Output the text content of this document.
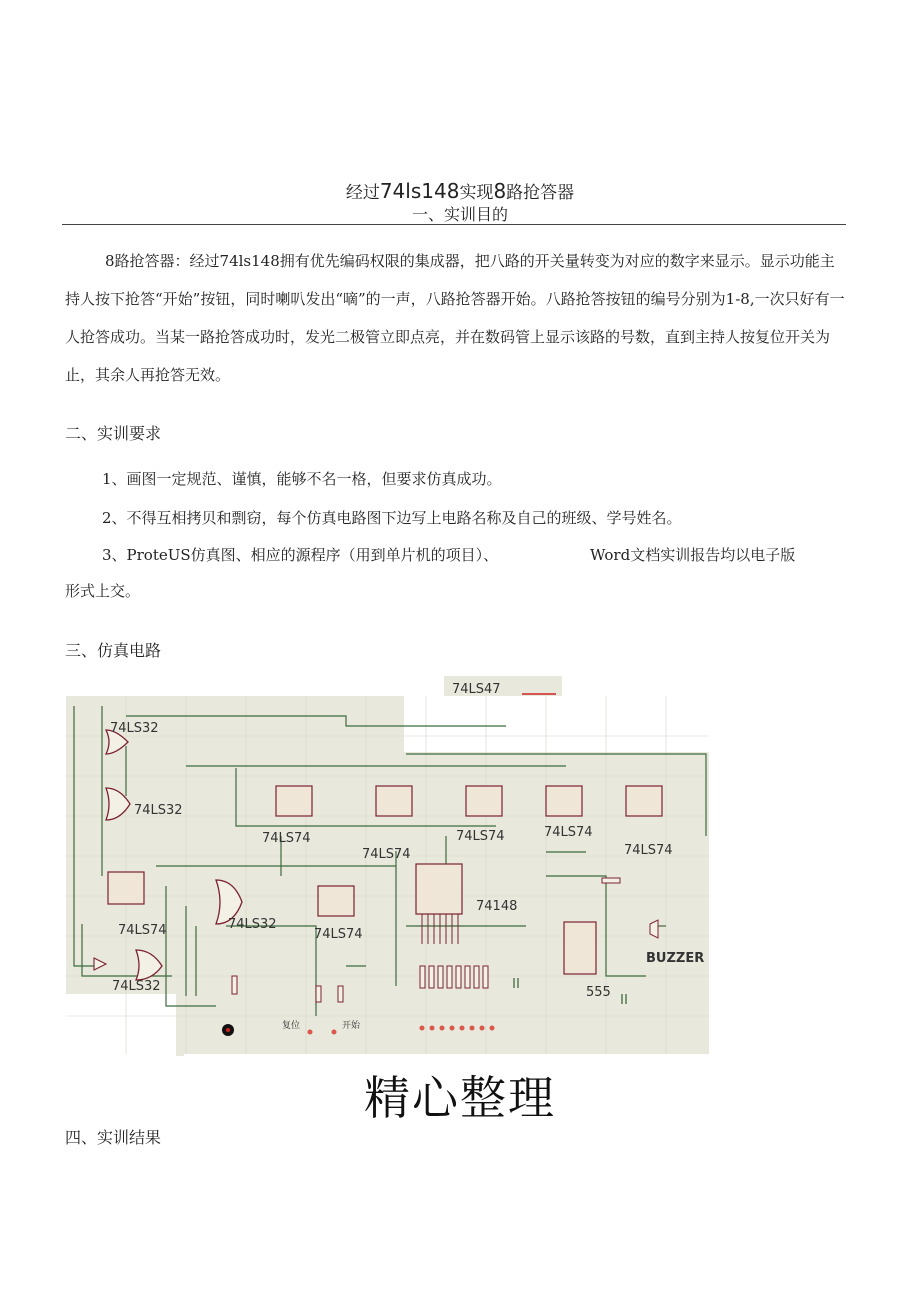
经过74ls148实现8路抢答器
一、实训目的
8路抢答器：经过74ls148拥有优先编码权限的集成器，把八路的开关量转变为对应的数字来显示。显示功能主持人按下抢答“开始”按钮，同时喇叭发出“嘀”的一声，八路抢答器开始。八路抢答按钮的编号分别为1-8,一次只好有一人抢答成功。当某一路抢答成功时，发光二极管立即点亮，并在数码管上显示该路的号数，直到主持人按复位开关为止，其余人再抢答无效。
二、实训要求
1、画图一定规范、谨慎，能够不名一格，但要求仿真成功。
2、不得互相拷贝和剽窃，每个仿真电路图下边写上电路名称及自己的班级、学号姓名。
3、ProteUS仿真图、相应的源程序（用到单片机的项目）、	Word文档实训报告均以电子版
形式上交。
三、仿真电路
74LS47
74LS32
74LS32
74LS74
74LS74
74LS74	74LS74
74LS74
74LS74	74LS32
74LS74
74148
74LS32
BUZZER
555
复位	开始
精心整理
四、实训结果
